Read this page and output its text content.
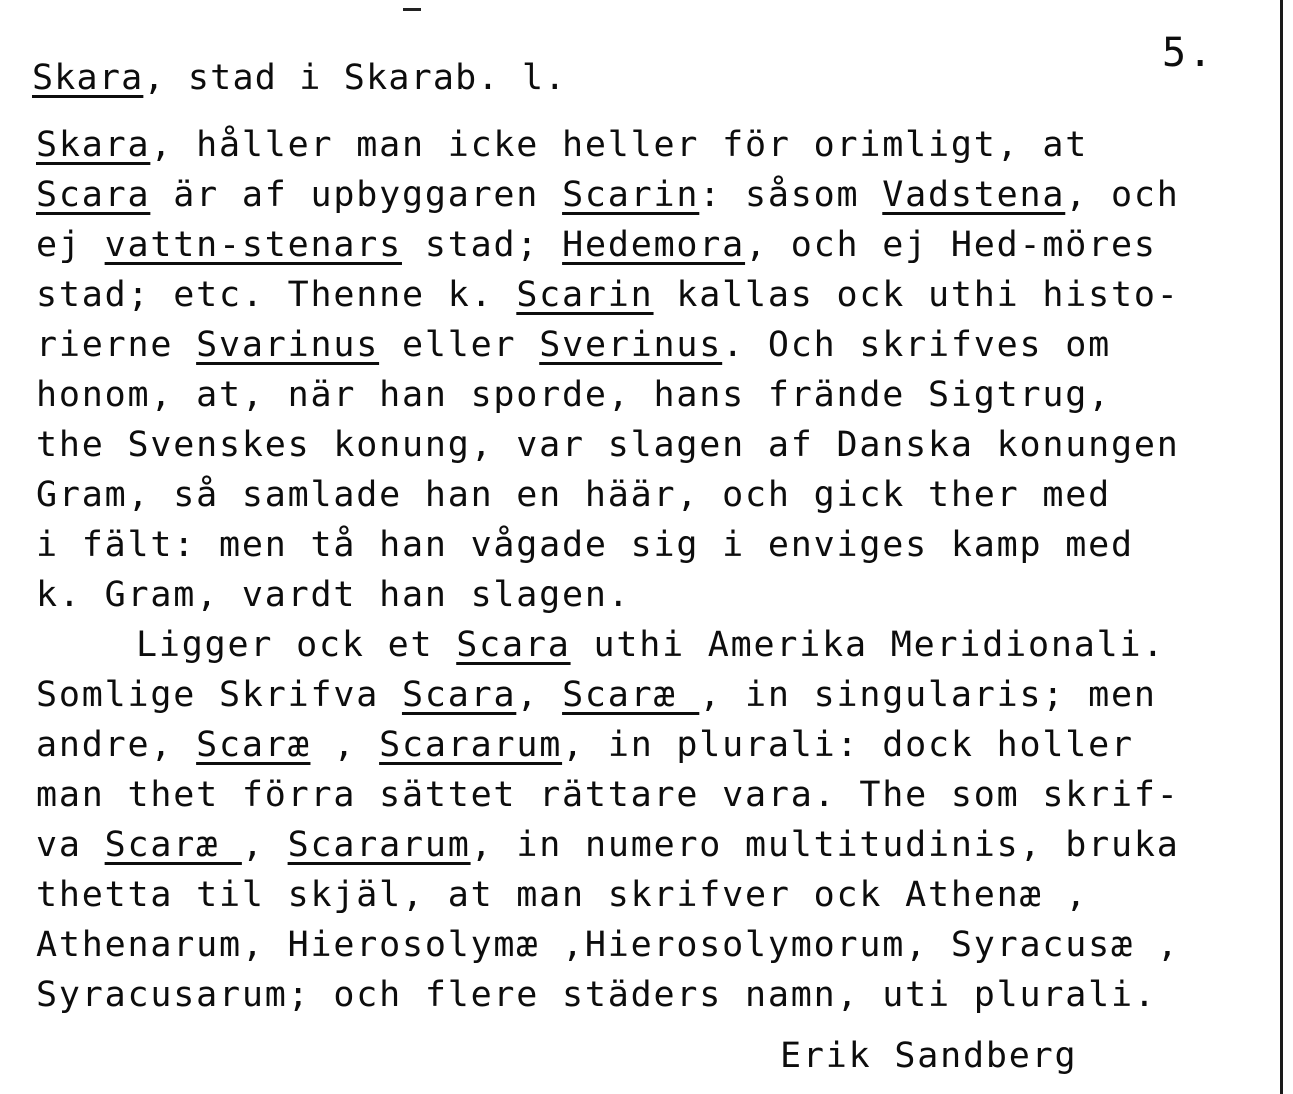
5.
Skara, stad i Skarab. l.
Skara, håller man icke heller för orimligt, at
Scara är af upbyggaren Scarin: såsom Vadstena, och
ej vattn-stenars stad; Hedemora, och ej Hed-möres
stad; etc. Thenne k. Scarin kallas ock uthi histo-
rierne Svarinus eller Sverinus. Och skrifves om
honom, at, när han sporde, hans frände Sigtrug,
the Svenskes konung, var slagen af Danska konungen
Gram, så samlade han en häär, och gick ther med
i fält: men tå han vågade sig i enviges kamp med
k. Gram, vardt han slagen.
Ligger ock et Scara uthi Amerika Meridionali.
Somlige Skrifva Scara, Scaræ , in singularis; men
andre, Scaræ , Scararum, in plurali: dock holler
man thet förra sättet rättare vara. The som skrif-
va Scaræ , Scararum, in numero multitudinis, bruka
thetta til skjäl, at man skrifver ock Athenæ ,
Athenarum, Hierosolymæ ,Hierosolymorum, Syracusæ ,
Syracusarum; och flere städers namn, uti plurali.
Erik Sandberg
